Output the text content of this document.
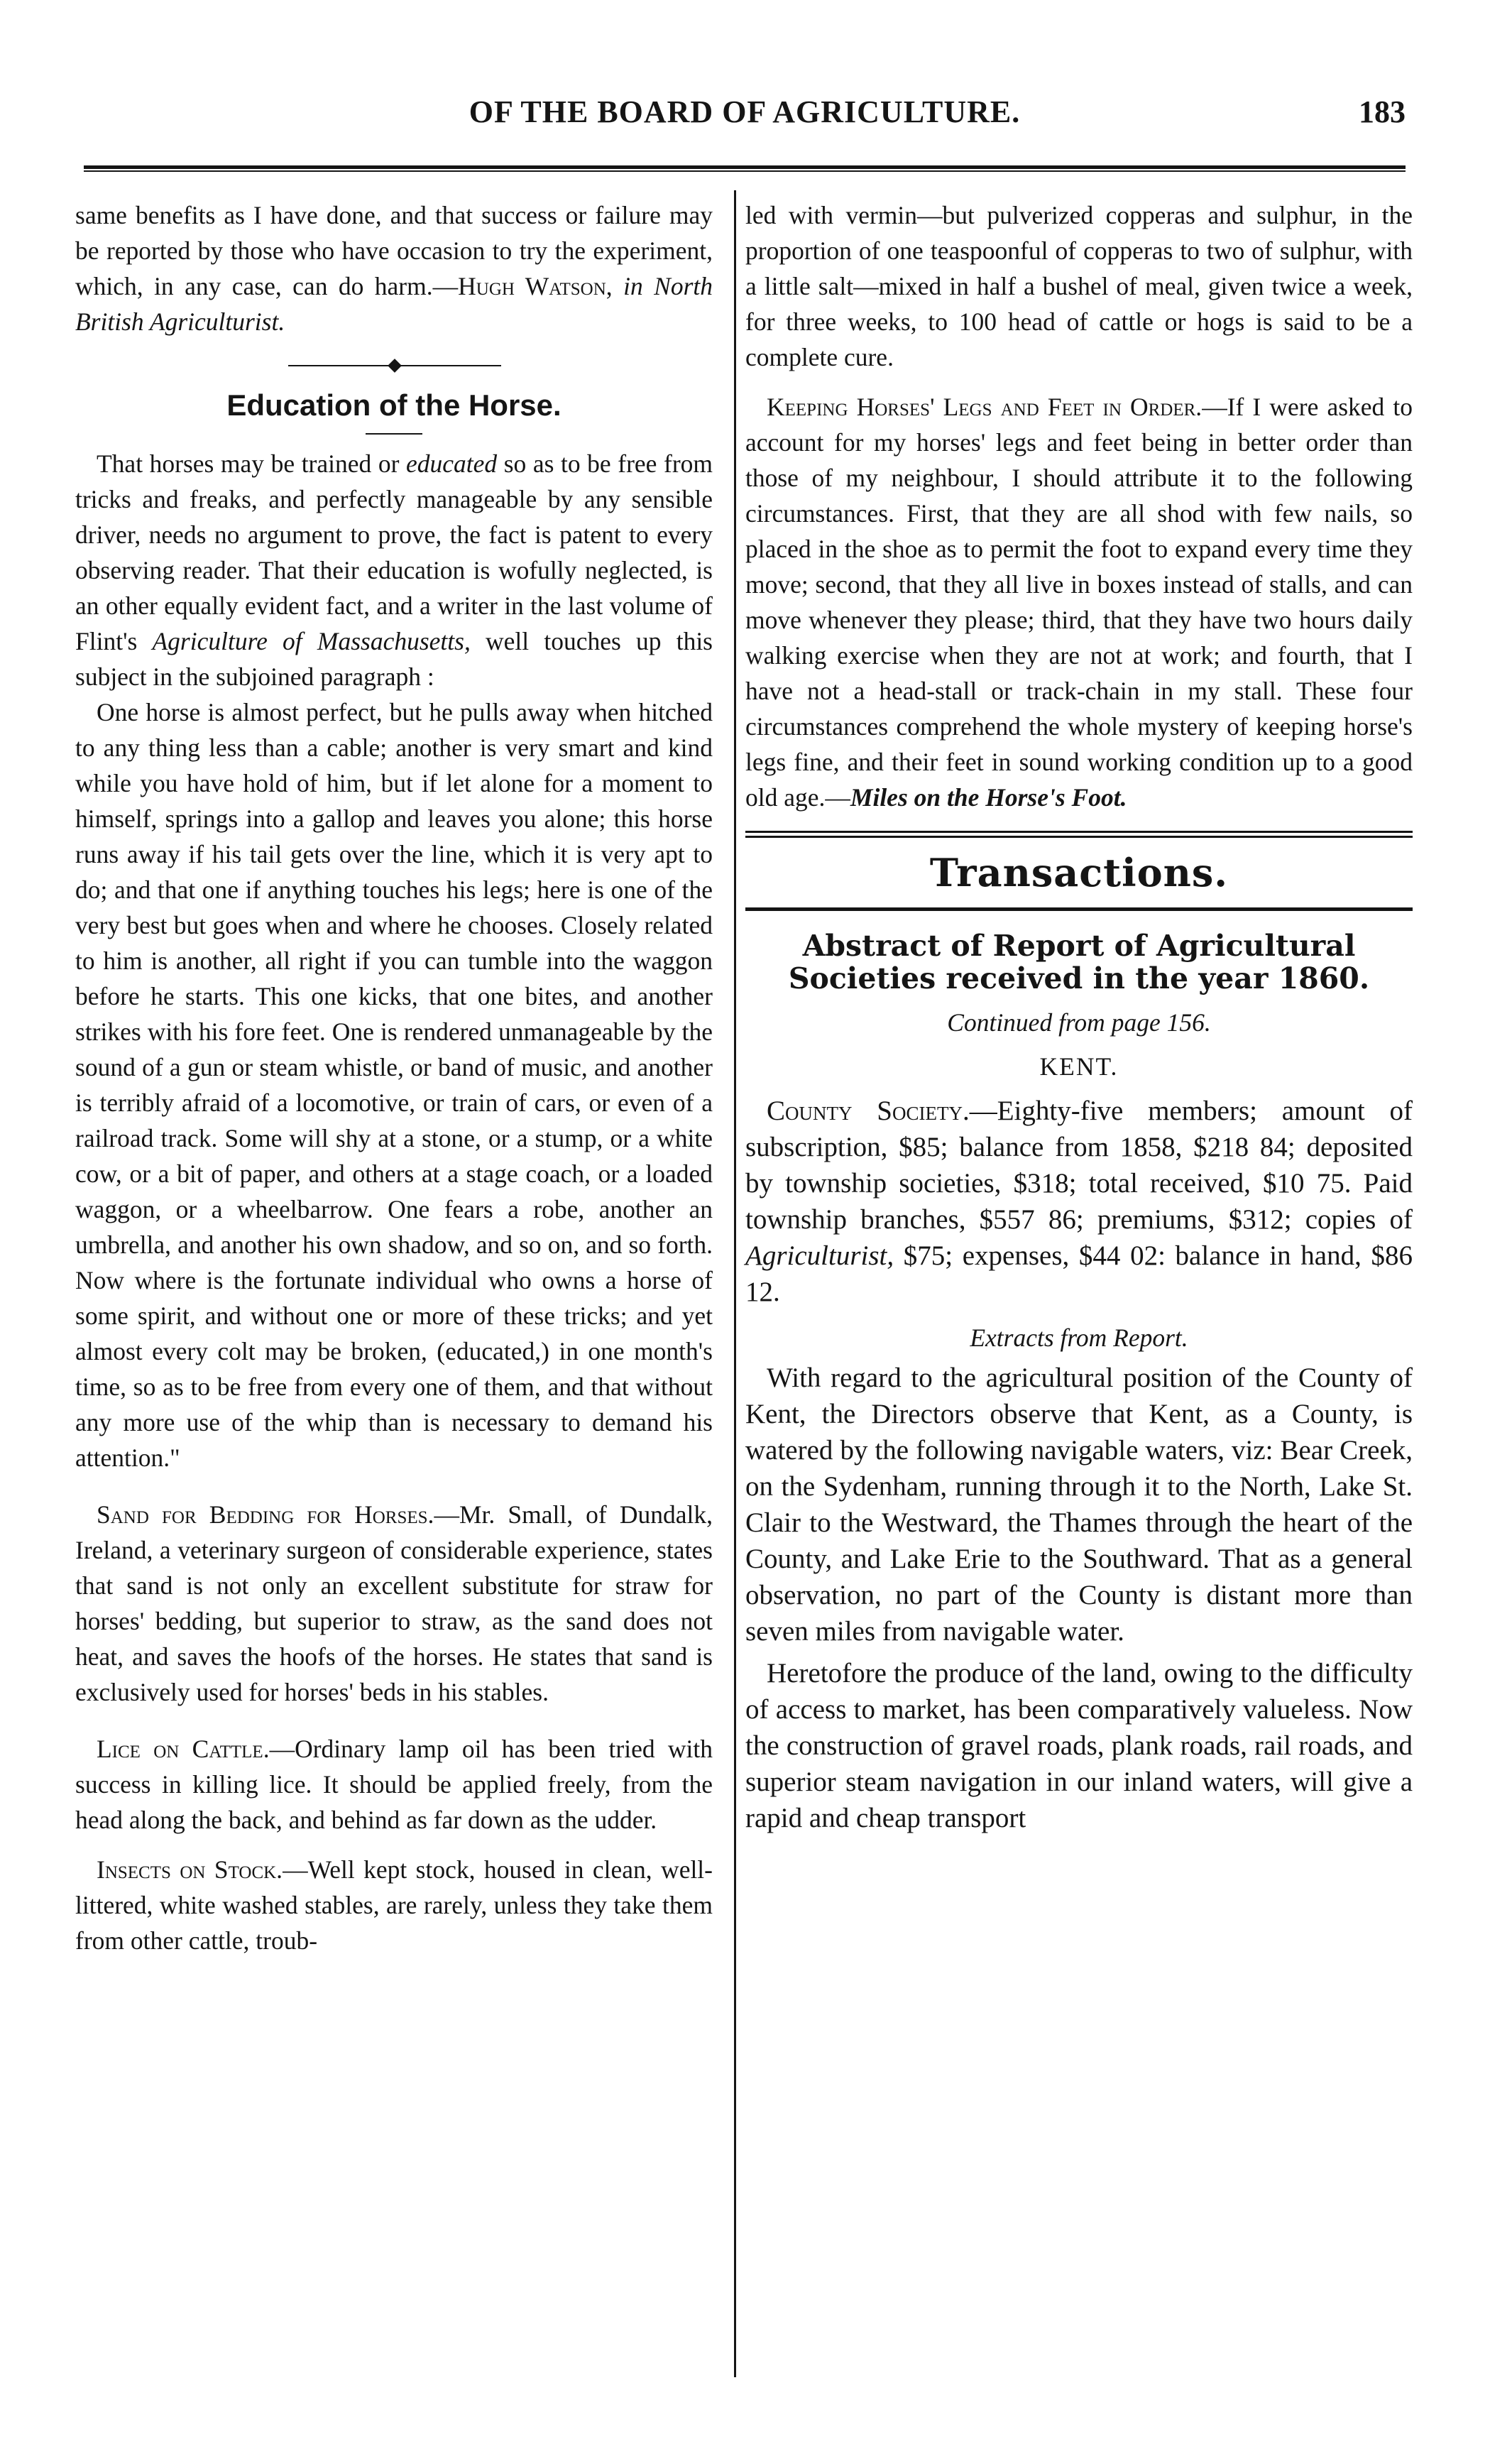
OF THE BOARD OF AGRICULTURE.	183

same benefits as I have done, and that success or failure may be reported by those who have occasion to try the experiment, which, in any case, can do harm.—Hugh Watson, in North British Agriculturist.

Education of the Horse.

That horses may be trained or educated so as to be free from tricks and freaks, and perfectly manageable by any sensible driver, needs no argument to prove, the fact is patent to every observing reader. That their education is wofully neglected, is an other equally evident fact, and a writer in the last volume of Flint's Agriculture of Massachusetts, well touches up this subject in the subjoined paragraph :

One horse is almost perfect, but he pulls away when hitched to any thing less than a cable; another is very smart and kind while you have hold of him, but if let alone for a moment to himself, springs into a gallop and leaves you alone; this horse runs away if his tail gets over the line, which it is very apt to do; and that one if anything touches his legs; here is one of the very best but goes when and where he chooses. Closely related to him is another, all right if you can tumble into the waggon before he starts. This one kicks, that one bites, and another strikes with his fore feet. One is rendered unmanageable by the sound of a gun or steam whistle, or band of music, and another is terribly afraid of a locomotive, or train of cars, or even of a railroad track. Some will shy at a stone, or a stump, or a white cow, or a bit of paper, and others at a stage coach, or a loaded waggon, or a wheelbarrow. One fears a robe, another an umbrella, and another his own shadow, and so on, and so forth. Now where is the fortunate individual who owns a horse of some spirit, and without one or more of these tricks; and yet almost every colt may be broken, (educated,) in one month's time, so as to be free from every one of them, and that without any more use of the whip than is necessary to demand his attention."

Sand for Bedding for Horses.—Mr. Small, of Dundalk, Ireland, a veterinary surgeon of considerable experience, states that sand is not only an excellent substitute for straw for horses' bedding, but superior to straw, as the sand does not heat, and saves the hoofs of the horses. He states that sand is exclusively used for horses' beds in his stables.

Lice on Cattle.—Ordinary lamp oil has been tried with success in killing lice. It should be applied freely, from the head along the back, and behind as far down as the udder.

Insects on Stock.—Well kept stock, housed in clean, well-littered, white washed stables, are rarely, unless they take them from other cattle, troub-

led with vermin—but pulverized copperas and sulphur, in the proportion of one teaspoonful of copperas to two of sulphur, with a little salt—mixed in half a bushel of meal, given twice a week, for three weeks, to 100 head of cattle or hogs is said to be a complete cure.

Keeping Horses' Legs and Feet in Order.—If I were asked to account for my horses' legs and feet being in better order than those of my neighbour, I should attribute it to the following circumstances. First, that they are all shod with few nails, so placed in the shoe as to permit the foot to expand every time they move; second, that they all live in boxes instead of stalls, and can move whenever they please; third, that they have two hours daily walking exercise when they are not at work; and fourth, that I have not a head-stall or track-chain in my stall. These four circumstances comprehend the whole mystery of keeping horse's legs fine, and their feet in sound working condition up to a good old age.—Miles on the Horse's Foot.

Transactions.
Abstract of Report of Agricultural Societies received in the year 1860.
Continued from page 156.
KENT.

County Society.—Eighty-five members; amount of subscription, $85; balance from 1858, $218 84; deposited by township societies, $318; total received, $10 75. Paid township branches, $557 86; premiums, $312; copies of Agriculturist, $75; expenses, $44 02: balance in hand, $86 12.

Extracts from Report.

With regard to the agricultural position of the County of Kent, the Directors observe that Kent, as a County, is watered by the following navigable waters, viz: Bear Creek, on the Sydenham, running through it to the North, Lake St. Clair to the Westward, the Thames through the heart of the County, and Lake Erie to the Southward. That as a general observation, no part of the County is distant more than seven miles from navigable water.

Heretofore the produce of the land, owing to the difficulty of access to market, has been comparatively valueless. Now the construction of gravel roads, plank roads, rail roads, and superior steam navigation in our inland waters, will give a rapid and cheap transport
